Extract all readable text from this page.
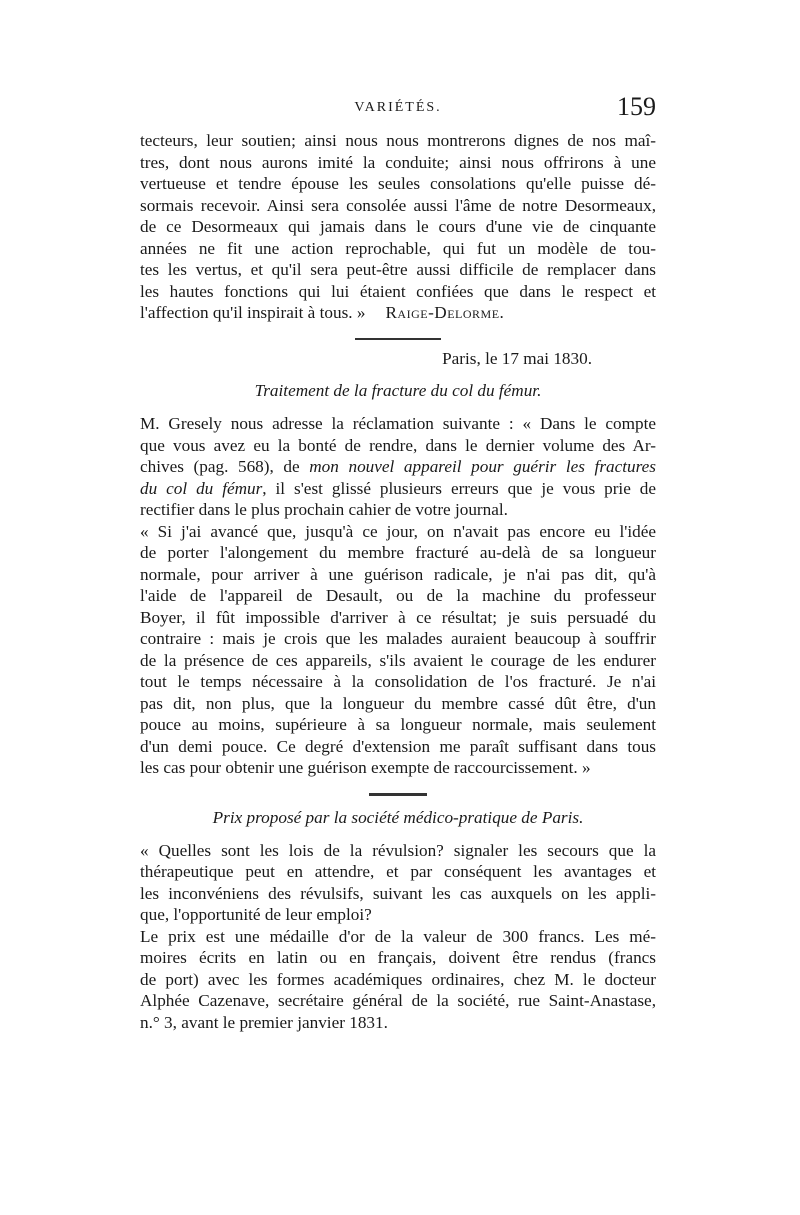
VARIÉTÉS.	159
tecteurs, leur soutien; ainsi nous nous montrerons dignes de nos maî-
tres, dont nous aurons imité la conduite; ainsi nous offrirons à une
vertueuse et tendre épouse les seules consolations qu'elle puisse dé-
sormais recevoir. Ainsi sera consolée aussi l'âme de notre Desormeaux,
de ce Desormeaux qui jamais dans le cours d'une vie de cinquante
années ne fit une action reprochable, qui fut un modèle de tou-
tes les vertus, et qu'il sera peut-être aussi difficile de remplacer dans
les hautes fonctions qui lui étaient confiées que dans le respect et
l'affection qu'il inspirait à tous. » Raige-Delorme.
Paris, le 17 mai 1830.
Traitement de la fracture du col du fémur.
M. Gresely nous adresse la réclamation suivante : « Dans le compte
que vous avez eu la bonté de rendre, dans le dernier volume des Ar-
chives (pag. 568), de mon nouvel appareil pour guérir les fractures
du col du fémur, il s'est glissé plusieurs erreurs que je vous prie de
rectifier dans le plus prochain cahier de votre journal.
« Si j'ai avancé que, jusqu'à ce jour, on n'avait pas encore eu l'idée
de porter l'alongement du membre fracturé au-delà de sa longueur
normale, pour arriver à une guérison radicale, je n'ai pas dit, qu'à
l'aide de l'appareil de Desault, ou de la machine du professeur
Boyer, il fût impossible d'arriver à ce résultat; je suis persuadé du
contraire : mais je crois que les malades auraient beaucoup à souffrir
de la présence de ces appareils, s'ils avaient le courage de les endurer
tout le temps nécessaire à la consolidation de l'os fracturé. Je n'ai
pas dit, non plus, que la longueur du membre cassé dût être, d'un
pouce au moins, supérieure à sa longueur normale, mais seulement
d'un demi pouce. Ce degré d'extension me paraît suffisant dans tous
les cas pour obtenir une guérison exempte de raccourcissement. »
Prix proposé par la société médico-pratique de Paris.
« Quelles sont les lois de la révulsion? signaler les secours que la
thérapeutique peut en attendre, et par conséquent les avantages et
les inconvéniens des révulsifs, suivant les cas auxquels on les appli-
que, l'opportunité de leur emploi?
Le prix est une médaille d'or de la valeur de 300 francs. Les mé-
moires écrits en latin ou en français, doivent être rendus (francs
de port) avec les formes académiques ordinaires, chez M. le docteur
Alphée Cazenave, secrétaire général de la société, rue Saint-Anastase,
n.° 3, avant le premier janvier 1831.
